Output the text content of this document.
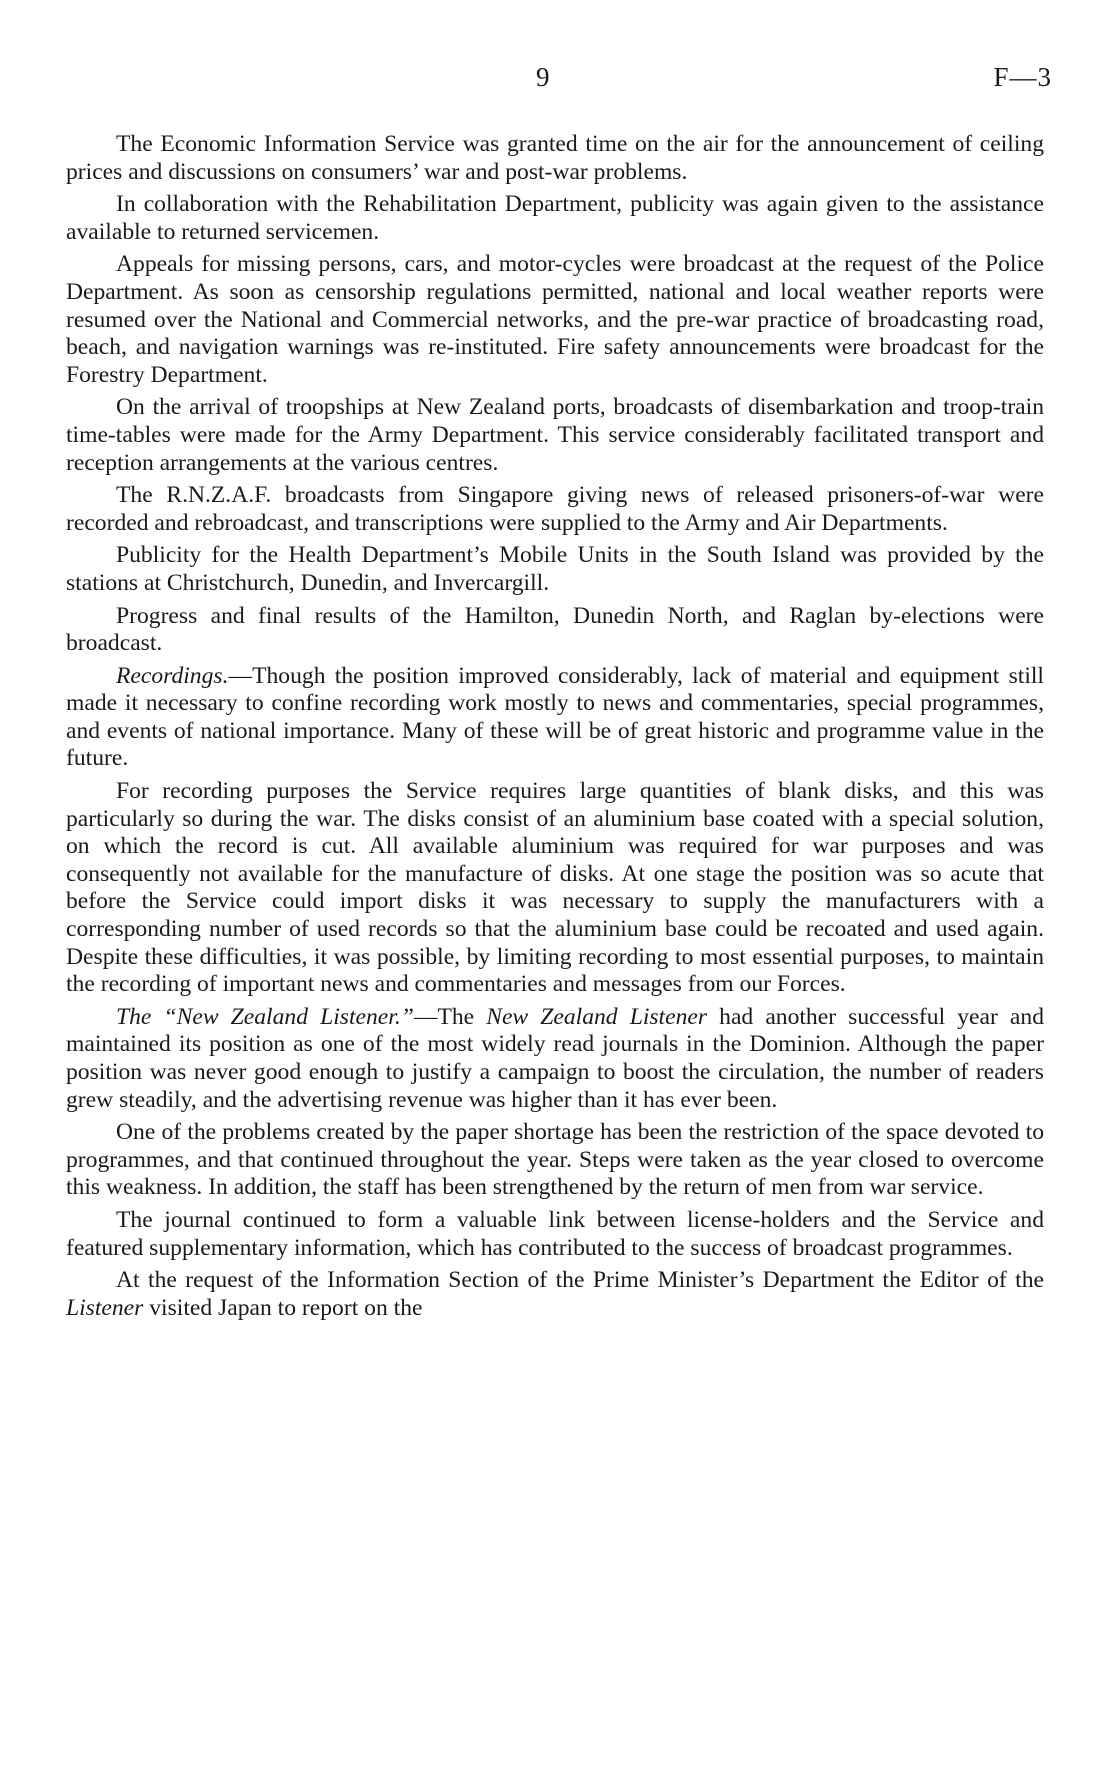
9	F—3

The Economic Information Service was granted time on the air for the announcement of ceiling prices and discussions on consumers’ war and post-war problems.

In collaboration with the Rehabilitation Department, publicity was again given to the assistance available to returned servicemen.

Appeals for missing persons, cars, and motor-cycles were broadcast at the request of the Police Department. As soon as censorship regulations permitted, national and local weather reports were resumed over the National and Commercial networks, and the pre-war practice of broadcasting road, beach, and navigation warnings was re-instituted. Fire safety announcements were broadcast for the Forestry Department.

On the arrival of troopships at New Zealand ports, broadcasts of disembarkation and troop-train time-tables were made for the Army Department. This service considerably facilitated transport and reception arrangements at the various centres.

The R.N.Z.A.F. broadcasts from Singapore giving news of released prisoners-of-war were recorded and rebroadcast, and transcriptions were supplied to the Army and Air Departments.

Publicity for the Health Department’s Mobile Units in the South Island was provided by the stations at Christchurch, Dunedin, and Invercargill.

Progress and final results of the Hamilton, Dunedin North, and Raglan by-elections were broadcast.

Recordings.—Though the position improved considerably, lack of material and equipment still made it necessary to confine recording work mostly to news and commentaries, special programmes, and events of national importance. Many of these will be of great historic and programme value in the future.

For recording purposes the Service requires large quantities of blank disks, and this was particularly so during the war. The disks consist of an aluminium base coated with a special solution, on which the record is cut. All available aluminium was required for war purposes and was consequently not available for the manufacture of disks. At one stage the position was so acute that before the Service could import disks it was necessary to supply the manufacturers with a corresponding number of used records so that the aluminium base could be recoated and used again. Despite these difficulties, it was possible, by limiting recording to most essential purposes, to maintain the recording of important news and commentaries and messages from our Forces.

The “New Zealand Listener.”—The New Zealand Listener had another successful year and maintained its position as one of the most widely read journals in the Dominion. Although the paper position was never good enough to justify a campaign to boost the circulation, the number of readers grew steadily, and the advertising revenue was higher than it has ever been.

One of the problems created by the paper shortage has been the restriction of the space devoted to programmes, and that continued throughout the year. Steps were taken as the year closed to overcome this weakness. In addition, the staff has been strengthened by the return of men from war service.

The journal continued to form a valuable link between license-holders and the Service and featured supplementary information, which has contributed to the success of broadcast programmes.

At the request of the Information Section of the Prime Minister’s Department the Editor of the Listener visited Japan to report on the
